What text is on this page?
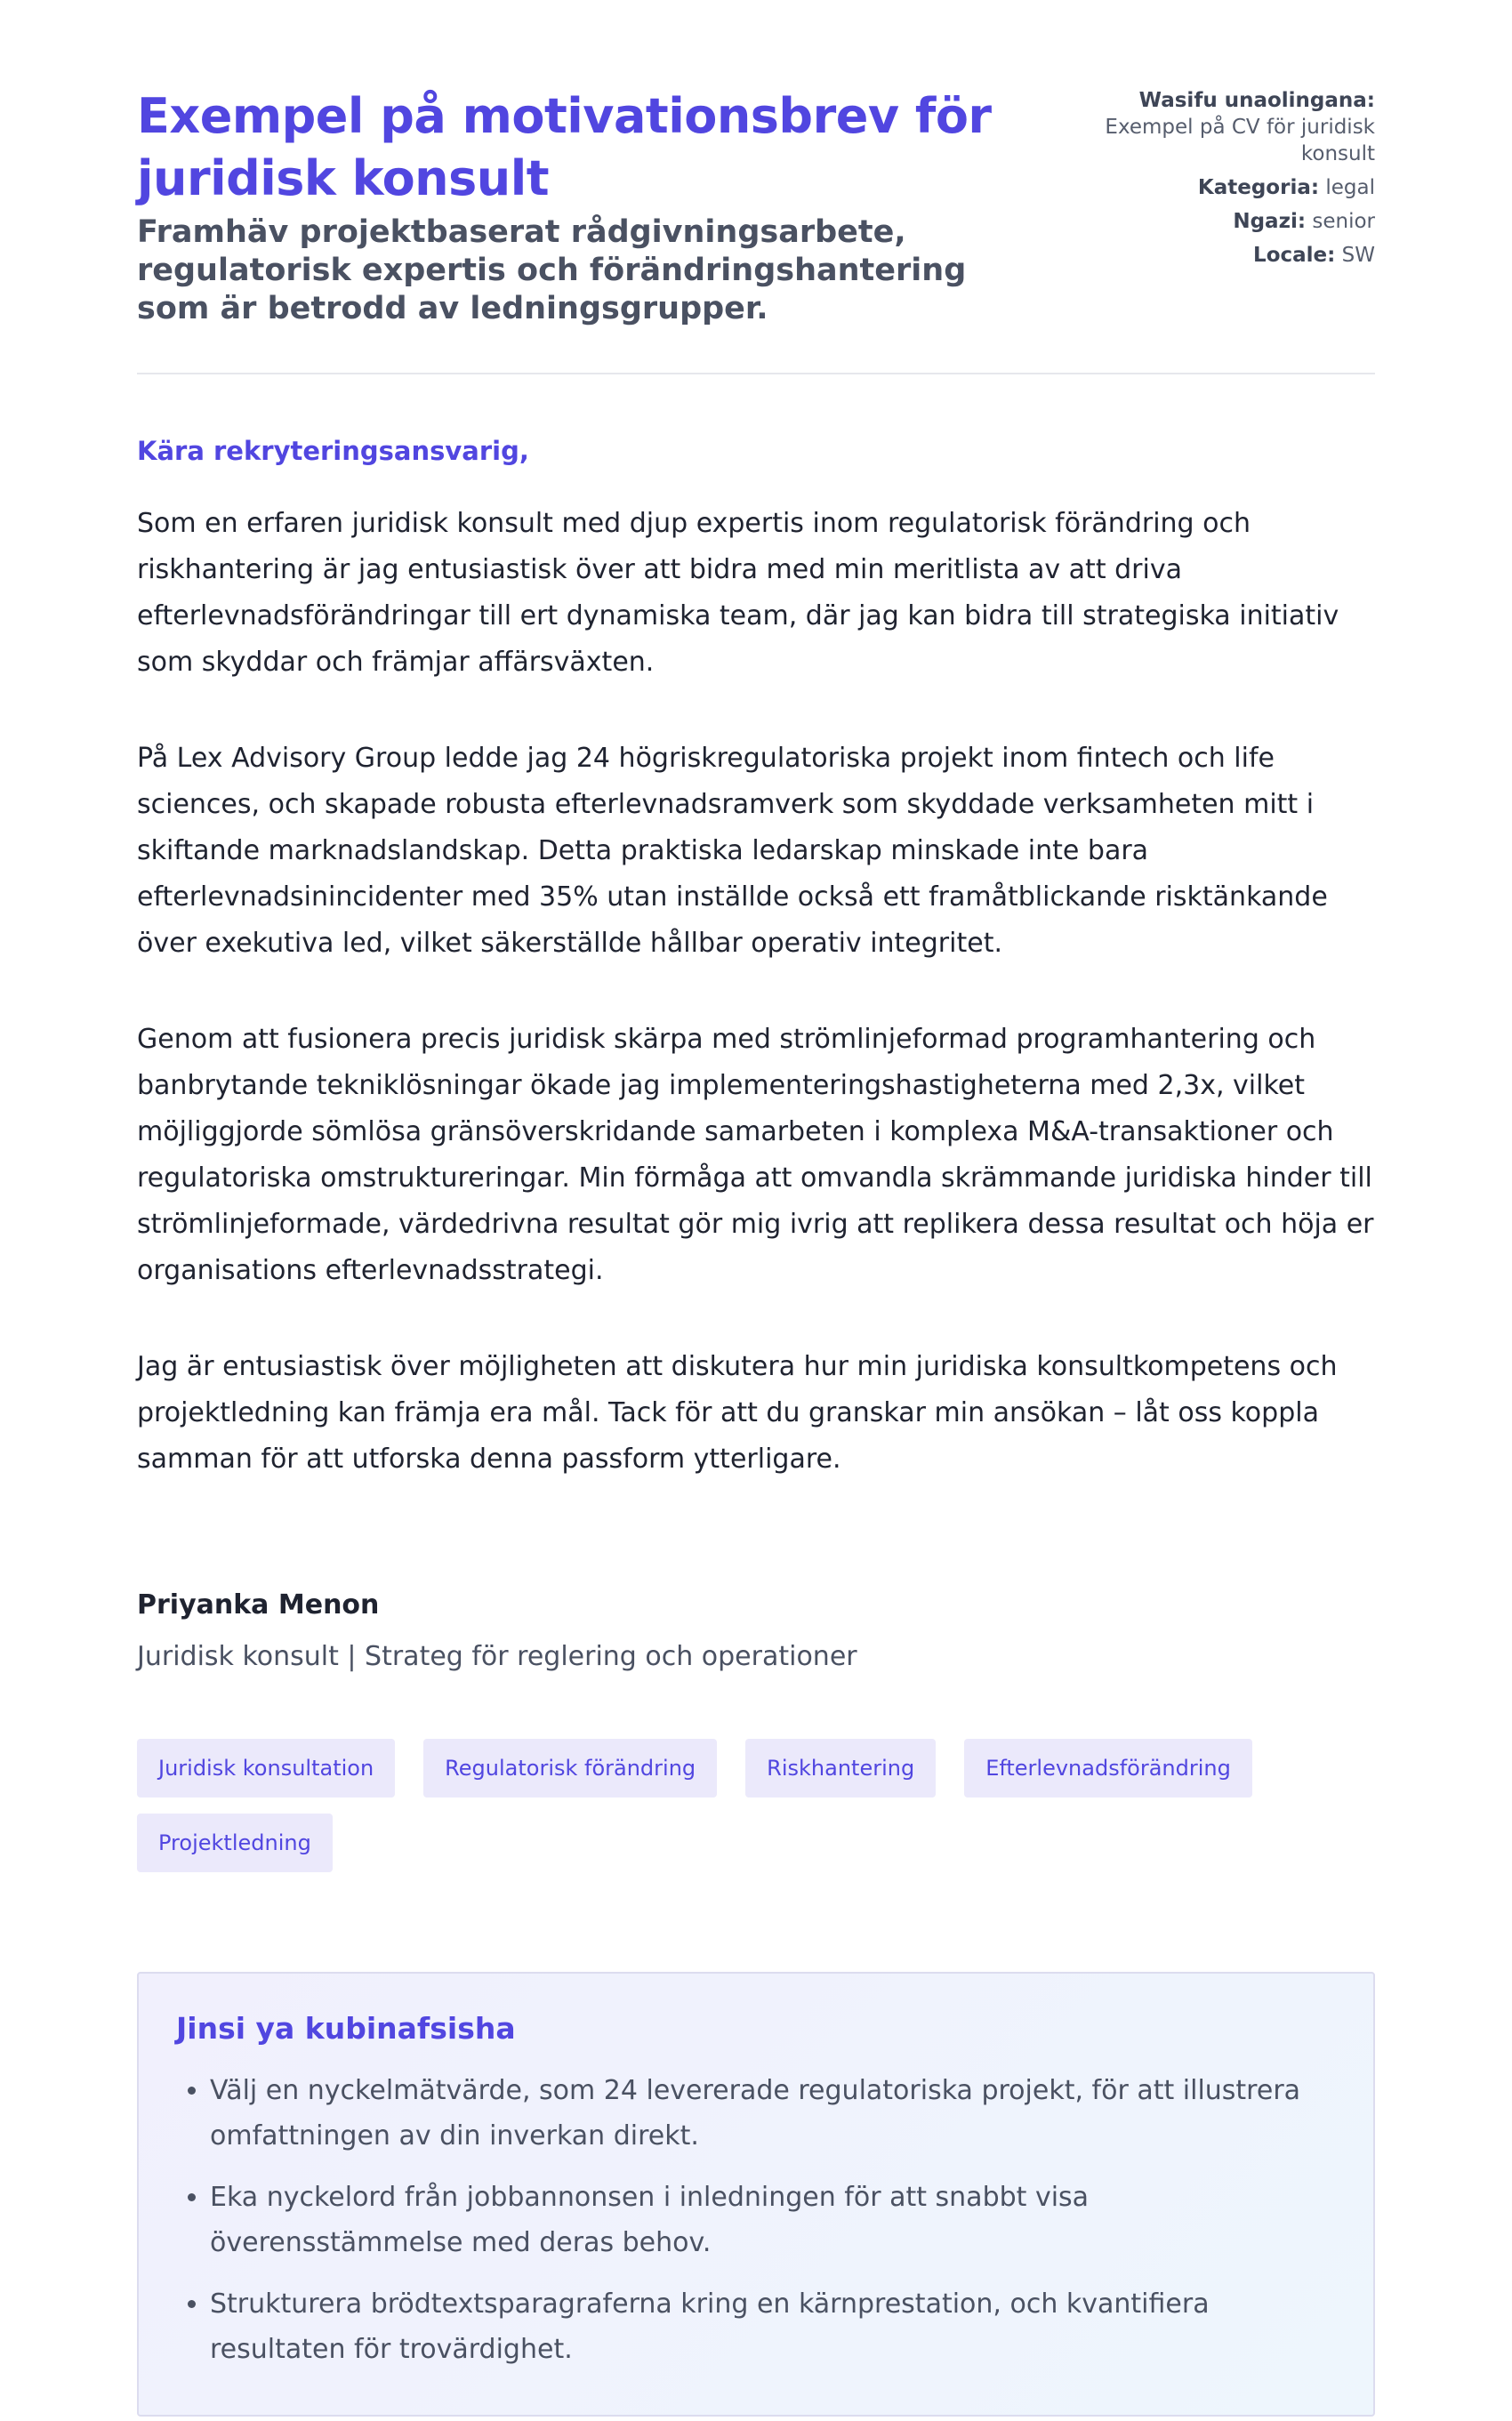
Exempel på motivationsbrev för juridisk konsult

Framhäv projektbaserat rådgivningsarbete, regulatorisk expertis och förändringshantering som är betrodd av ledningsgrupper.

Wasifu unaolingana:
Exempel på CV för juridisk konsult
Kategoria: legal
Ngazi: senior
Locale: SW

Kära rekryteringsansvarig,

Som en erfaren juridisk konsult med djup expertis inom regulatorisk förändring och riskhantering är jag entusiastisk över att bidra med min meritlista av att driva efterlevnadsförändringar till ert dynamiska team, där jag kan bidra till strategiska initiativ som skyddar och främjar affärsväxten.

På Lex Advisory Group ledde jag 24 högriskregulatoriska projekt inom fintech och life sciences, och skapade robusta efterlevnadsramverk som skyddade verksamheten mitt i skiftande marknadslandskap. Detta praktiska ledarskap minskade inte bara efterlevnadsinincidenter med 35% utan inställde också ett framåtblickande risktänkande över exekutiva led, vilket säkerställde hållbar operativ integritet.

Genom att fusionera precis juridisk skärpa med strömlinjeformad programhantering och banbrytande tekniklösningar ökade jag implementeringshastigheterna med 2,3x, vilket möjliggjorde sömlösa gränsöverskridande samarbeten i komplexa M&A-transaktioner och regulatoriska omstruktureringar. Min förmåga att omvandla skrämmande juridiska hinder till strömlinjeformade, värdedrivna resultat gör mig ivrig att replikera dessa resultat och höja er organisations efterlevnadsstrategi.

Jag är entusiastisk över möjligheten att diskutera hur min juridiska konsultkompetens och projektledning kan främja era mål. Tack för att du granskar min ansökan – låt oss koppla samman för att utforska denna passform ytterligare.

Priyanka Menon

Juridisk konsult | Strateg för reglering och operationer

Juridisk konsultation	Regulatorisk förändring	Riskhantering	Efterlevnadsförändring
Projektledning
Jinsi ya kubinafsisha
• Välj en nyckelmätvärde, som 24 levererade regulatoriska projekt, för att illustrera omfattningen av din inverkan direkt.
• Eka nyckelord från jobbannonsen i inledningen för att snabbt visa överensstämmelse med deras behov.
• Strukturera brödtextsparagraferna kring en kärnprestation, och kvantifiera resultaten för trovärdighet.
